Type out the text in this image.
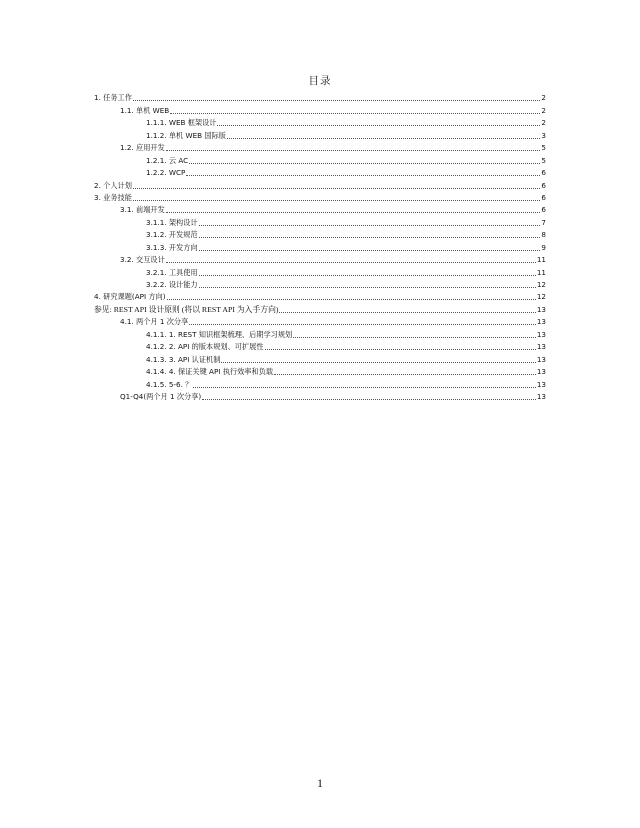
目录
1. 任务工作	2
1.1. 单机 WEB	2
1.1.1. WEB 框架设计	2
1.1.2. 单机 WEB 国际版	3
1.2. 应用开发	5
1.2.1. 云 AC	5
1.2.2. WCP	6
2. 个人计划	6
3. 业务技能	6
3.1. 前端开发	6
3.1.1. 架构设计	7
3.1.2. 开发规范	8
3.1.3. 开发方向	9
3.2. 交互设计	11
3.2.1. 工具使用	11
3.2.2. 设计能力	12
4. 研究课题(API 方向)	12
参见: REST API 设计原则 (将以 REST API 为入手方向)	13
4.1. 两个月 1 次分享	13
4.1.1. 1. REST 知识框架梳理、后期学习规划	13
4.1.2. 2. API 的版本规划、可扩展性	13
4.1.3. 3. API 认证机制	13
4.1.4. 4. 保证关键 API 执行效率和负载	13
4.1.5. 5-6. ？	13
Q1-Q4(两个月 1 次分享)	13
1
